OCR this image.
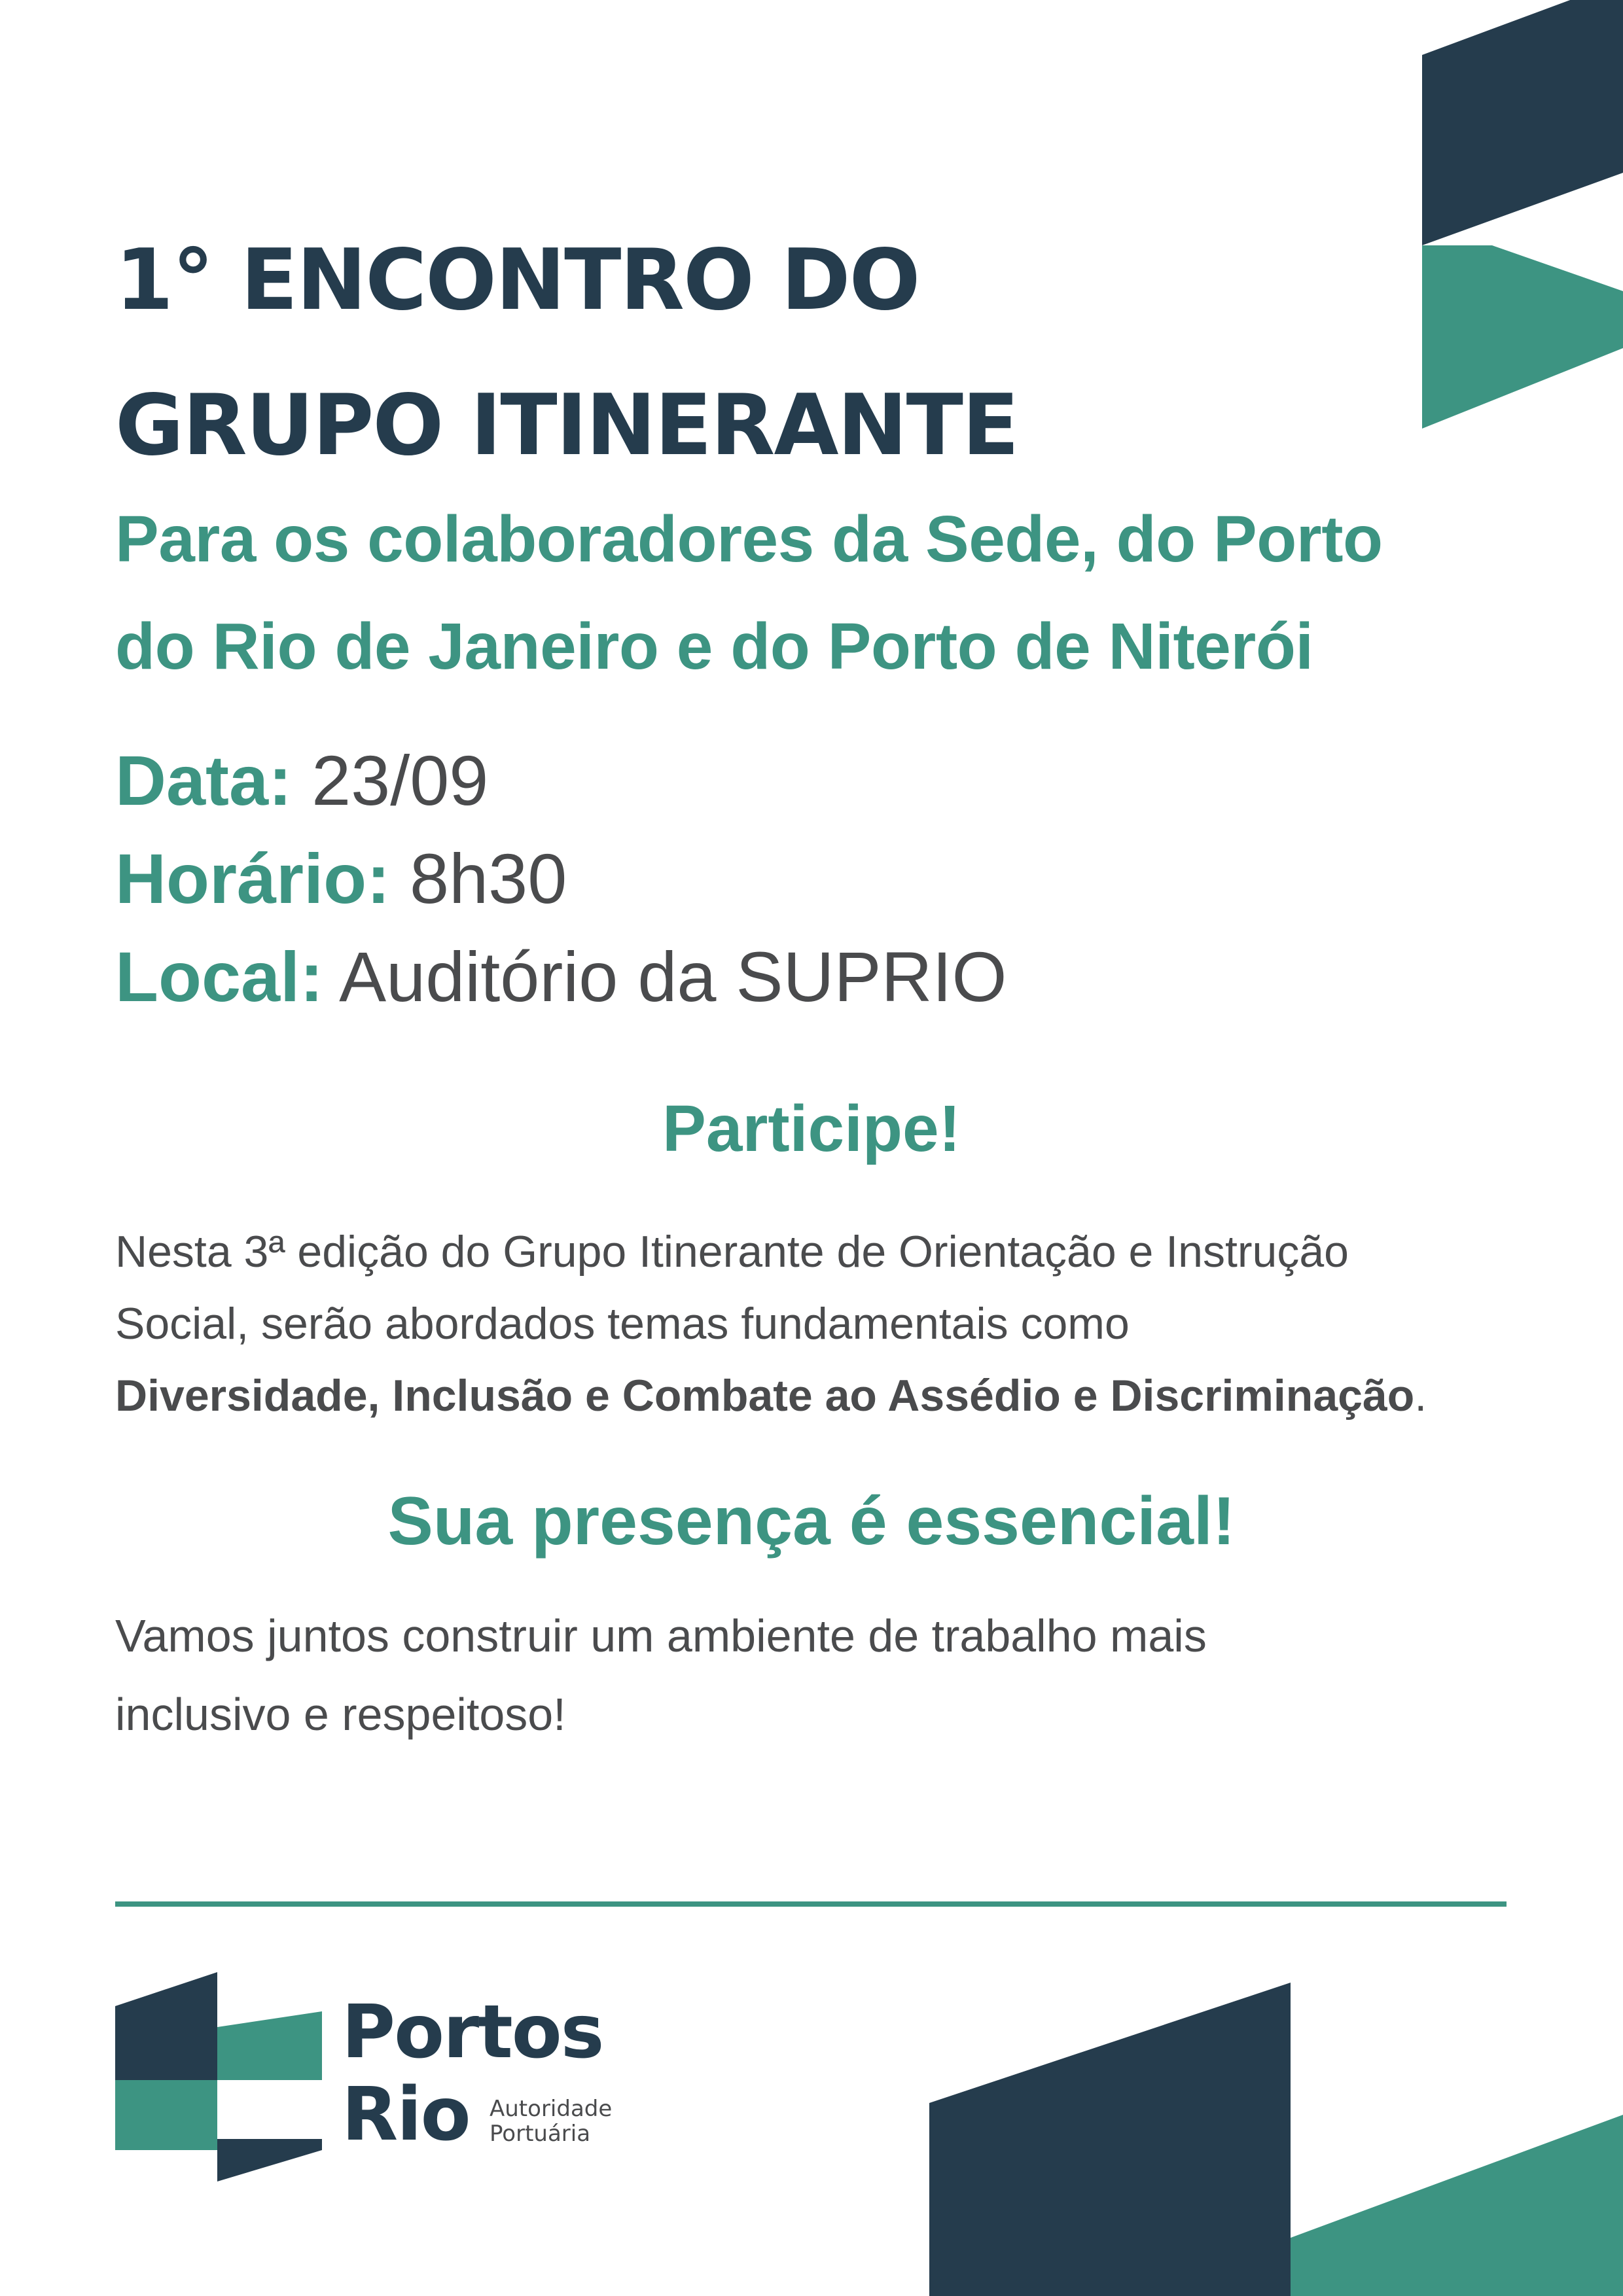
1° ENCONTRO DO
GRUPO ITINERANTE
Para os colaboradores da Sede, do Porto
do Rio de Janeiro e do Porto de Niterói
Data: 23/09
Horário: 8h30
Local: Auditório da SUPRIO
Participe!

Nesta 3ª edição do Grupo Itinerante de Orientação e Instrução
Social, serão abordados temas fundamentais como
Diversidade, Inclusão e Combate ao Assédio e Discriminação.

Sua presença é essencial!

Vamos juntos construir um ambiente de trabalho mais
inclusivo e respeitoso!

Portos
Rio Autoridade
Portuária
